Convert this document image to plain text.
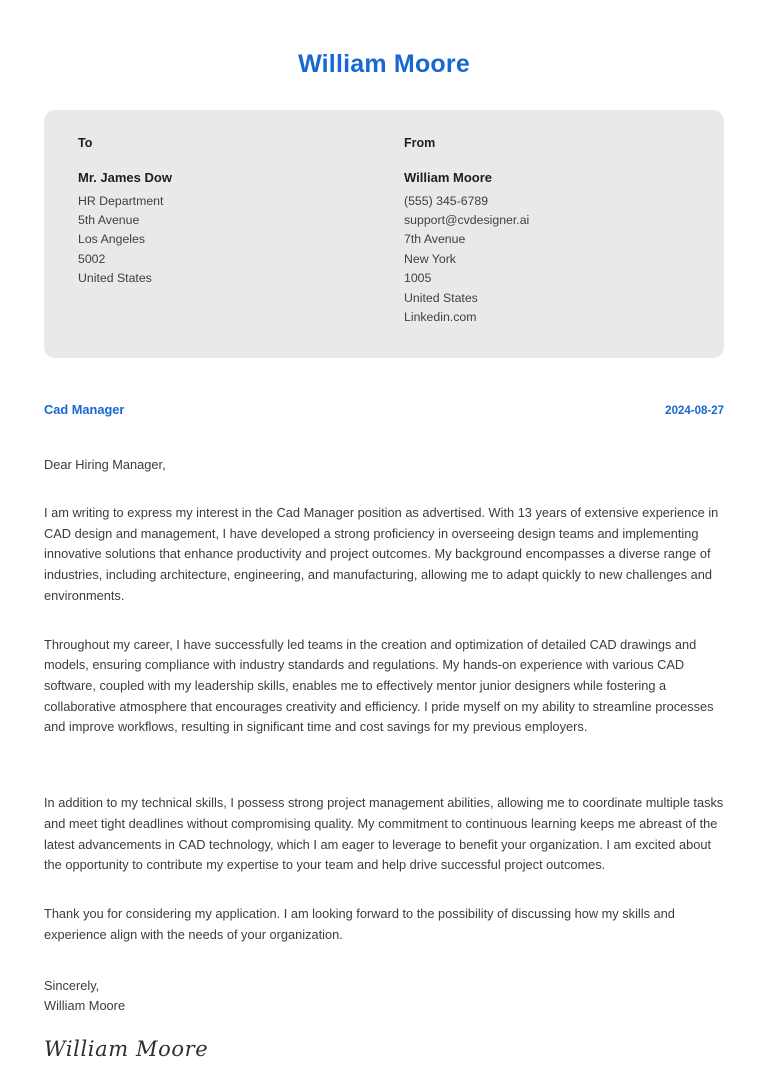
William Moore
To
Mr. James Dow
HR Department
5th Avenue
Los Angeles
5002
United States
From
William Moore
(555) 345-6789
support@cvdesigner.ai
7th Avenue
New York
1005
United States
Linkedin.com
Cad Manager	2024-08-27
Dear Hiring Manager,

I am writing to express my interest in the Cad Manager position as advertised. With 13 years of extensive experience in CAD design and management, I have developed a strong proficiency in overseeing design teams and implementing innovative solutions that enhance productivity and project outcomes. My background encompasses a diverse range of industries, including architecture, engineering, and manufacturing, allowing me to adapt quickly to new challenges and environments.

Throughout my career, I have successfully led teams in the creation and optimization of detailed CAD drawings and models, ensuring compliance with industry standards and regulations. My hands-on experience with various CAD software, coupled with my leadership skills, enables me to effectively mentor junior designers while fostering a collaborative atmosphere that encourages creativity and efficiency. I pride myself on my ability to streamline processes and improve workflows, resulting in significant time and cost savings for my previous employers.

In addition to my technical skills, I possess strong project management abilities, allowing me to coordinate multiple tasks and meet tight deadlines without compromising quality. My commitment to continuous learning keeps me abreast of the latest advancements in CAD technology, which I am eager to leverage to benefit your organization. I am excited about the opportunity to contribute my expertise to your team and help drive successful project outcomes.

Thank you for considering my application. I am looking forward to the possibility of discussing how my skills and experience align with the needs of your organization.

Sincerely,
William Moore
William Moore
